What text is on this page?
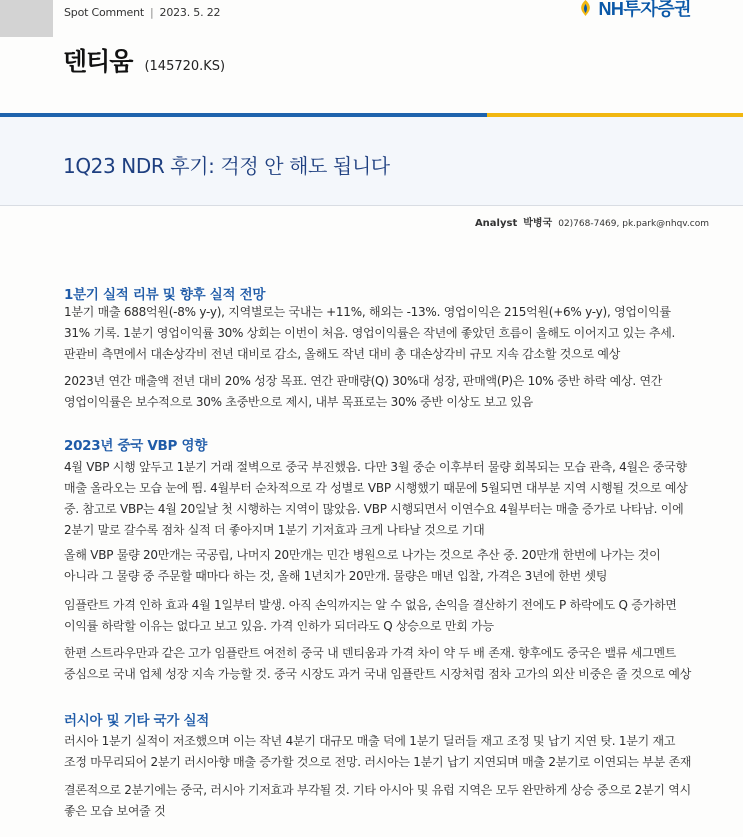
Spot Comment | 2023. 5. 22	NH투자증권
덴티움 (145720.KS)
1Q23 NDR 후기: 걱정 안 해도 됩니다
Analyst 박병국 02)768-7469, pk.park@nhqv.com
1분기 실적 리뷰 및 향후 실적 전망
1분기 매출 688억원(-8% y-y), 지역별로는 국내는 +11%, 해외는 -13%. 영업이익은 215억원(+6% y-y), 영업이익률 31% 기록. 1분기 영업이익률 30% 상회는 이번이 처음. 영업이익률은 작년에 좋았던 흐름이 올해도 이어지고 있는 추세. 판관비 측면에서 대손상각비 전년 대비로 감소, 올해도 작년 대비 총 대손상각비 규모 지속 감소할 것으로 예상
2023년 연간 매출액 전년 대비 20% 성장 목표. 연간 판매량(Q) 30%대 성장, 판매액(P)은 10% 중반 하락 예상. 연간 영업이익률은 보수적으로 30% 초중반으로 제시, 내부 목표로는 30% 중반 이상도 보고 있음
2023년 중국 VBP 영향
4월 VBP 시행 앞두고 1분기 거래 절벽으로 중국 부진했음. 다만 3월 중순 이후부터 물량 회복되는 모습 관측, 4월은 중국향 매출 올라오는 모습 눈에 띔. 4월부터 순차적으로 각 성별로 VBP 시행했기 때문에 5월되면 대부분 지역 시행될 것으로 예상 중. 참고로 VBP는 4월 20일날 첫 시행하는 지역이 많았음. VBP 시행되면서 이연수요 4월부터는 매출 증가로 나타남. 이에 2분기 말로 갈수록 점차 실적 더 좋아지며 1분기 기저효과 크게 나타날 것으로 기대
올해 VBP 물량 20만개는 국공립, 나머지 20만개는 민간 병원으로 나가는 것으로 추산 중. 20만개 한번에 나가는 것이 아니라 그 물량 중 주문할 때마다 하는 것, 올해 1년치가 20만개. 물량은 매년 입찰, 가격은 3년에 한번 셋팅
임플란트 가격 인하 효과 4월 1일부터 발생. 아직 손익까지는 알 수 없음, 손익을 결산하기 전에도 P 하락에도 Q 증가하면 이익률 하락할 이유는 없다고 보고 있음. 가격 인하가 되더라도 Q 상승으로 만회 가능
한편 스트라우만과 같은 고가 임플란트 여전히 중국 내 덴티움과 가격 차이 약 두 배 존재. 향후에도 중국은 밸류 세그멘트 중심으로 국내 업체 성장 지속 가능할 것. 중국 시장도 과거 국내 임플란트 시장처럼 점차 고가의 외산 비중은 줄 것으로 예상
러시아 및 기타 국가 실적
러시아 1분기 실적이 저조했으며 이는 작년 4분기 대규모 매출 덕에 1분기 딜러들 재고 조정 및 납기 지연 탓. 1분기 재고 조정 마무리되어 2분기 러시아향 매출 증가할 것으로 전망. 러시아는 1분기 납기 지연되며 매출 2분기로 이연되는 부분 존재
결론적으로 2분기에는 중국, 러시아 기저효과 부각될 것. 기타 아시아 및 유럽 지역은 모두 완만하게 상승 중으로 2분기 역시 좋은 모습 보여줄 것
